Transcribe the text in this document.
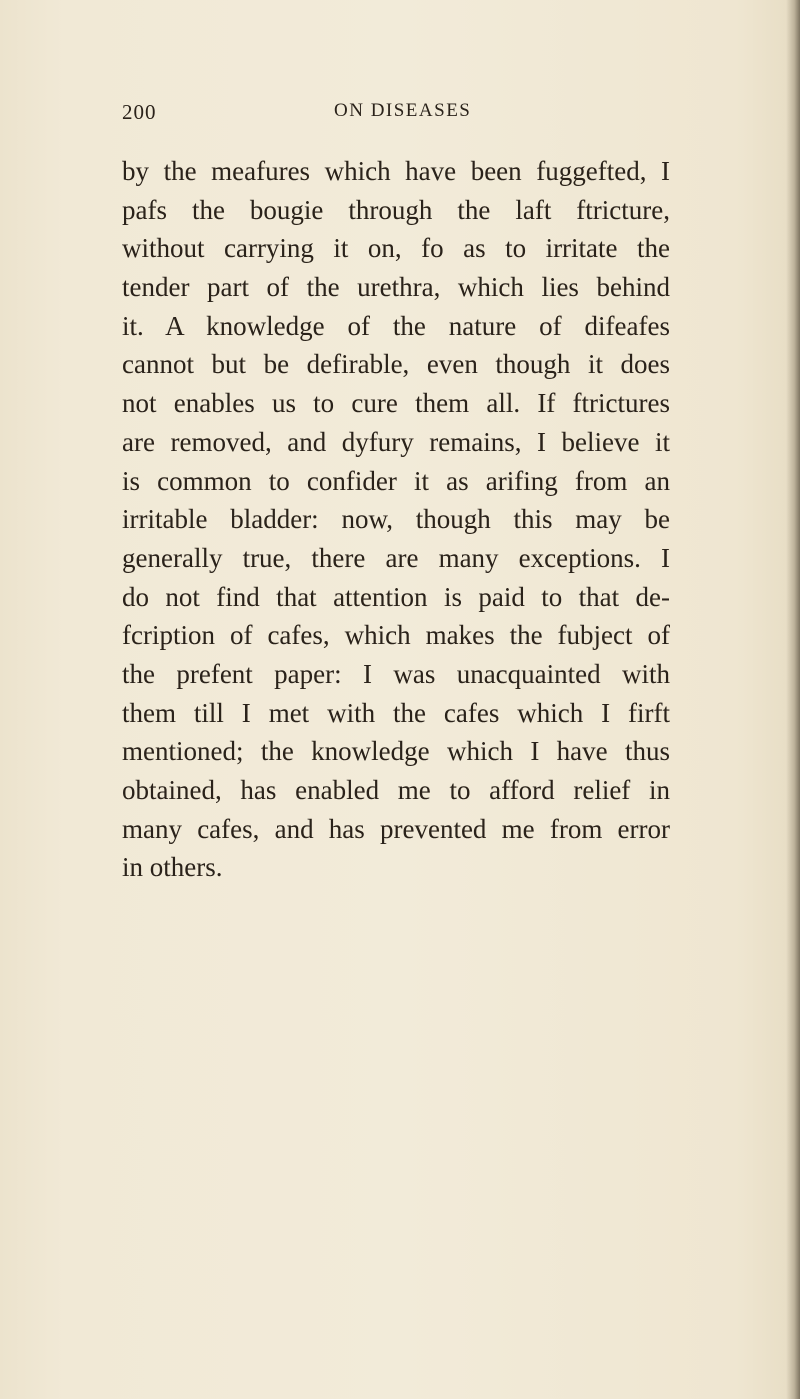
200	ON DISEASES
by the meafures which have been fuggefted, I
pafs the bougie through the laft ftricture,
without carrying it on, fo as to irritate the
tender part of the urethra, which lies behind
it. A knowledge of the nature of difeafes
cannot but be defirable, even though it does
not enables us to cure them all. If ftrictures
are removed, and dyfury remains, I believe it
is common to confider it as arifing from an
irritable bladder: now, though this may be
generally true, there are many exceptions. I
do not find that attention is paid to that de-
fcription of cafes, which makes the fubject of
the prefent paper: I was unacquainted with
them till I met with the cafes which I firft
mentioned; the knowledge which I have thus
obtained, has enabled me to afford relief in
many cafes, and has prevented me from error
in others.
